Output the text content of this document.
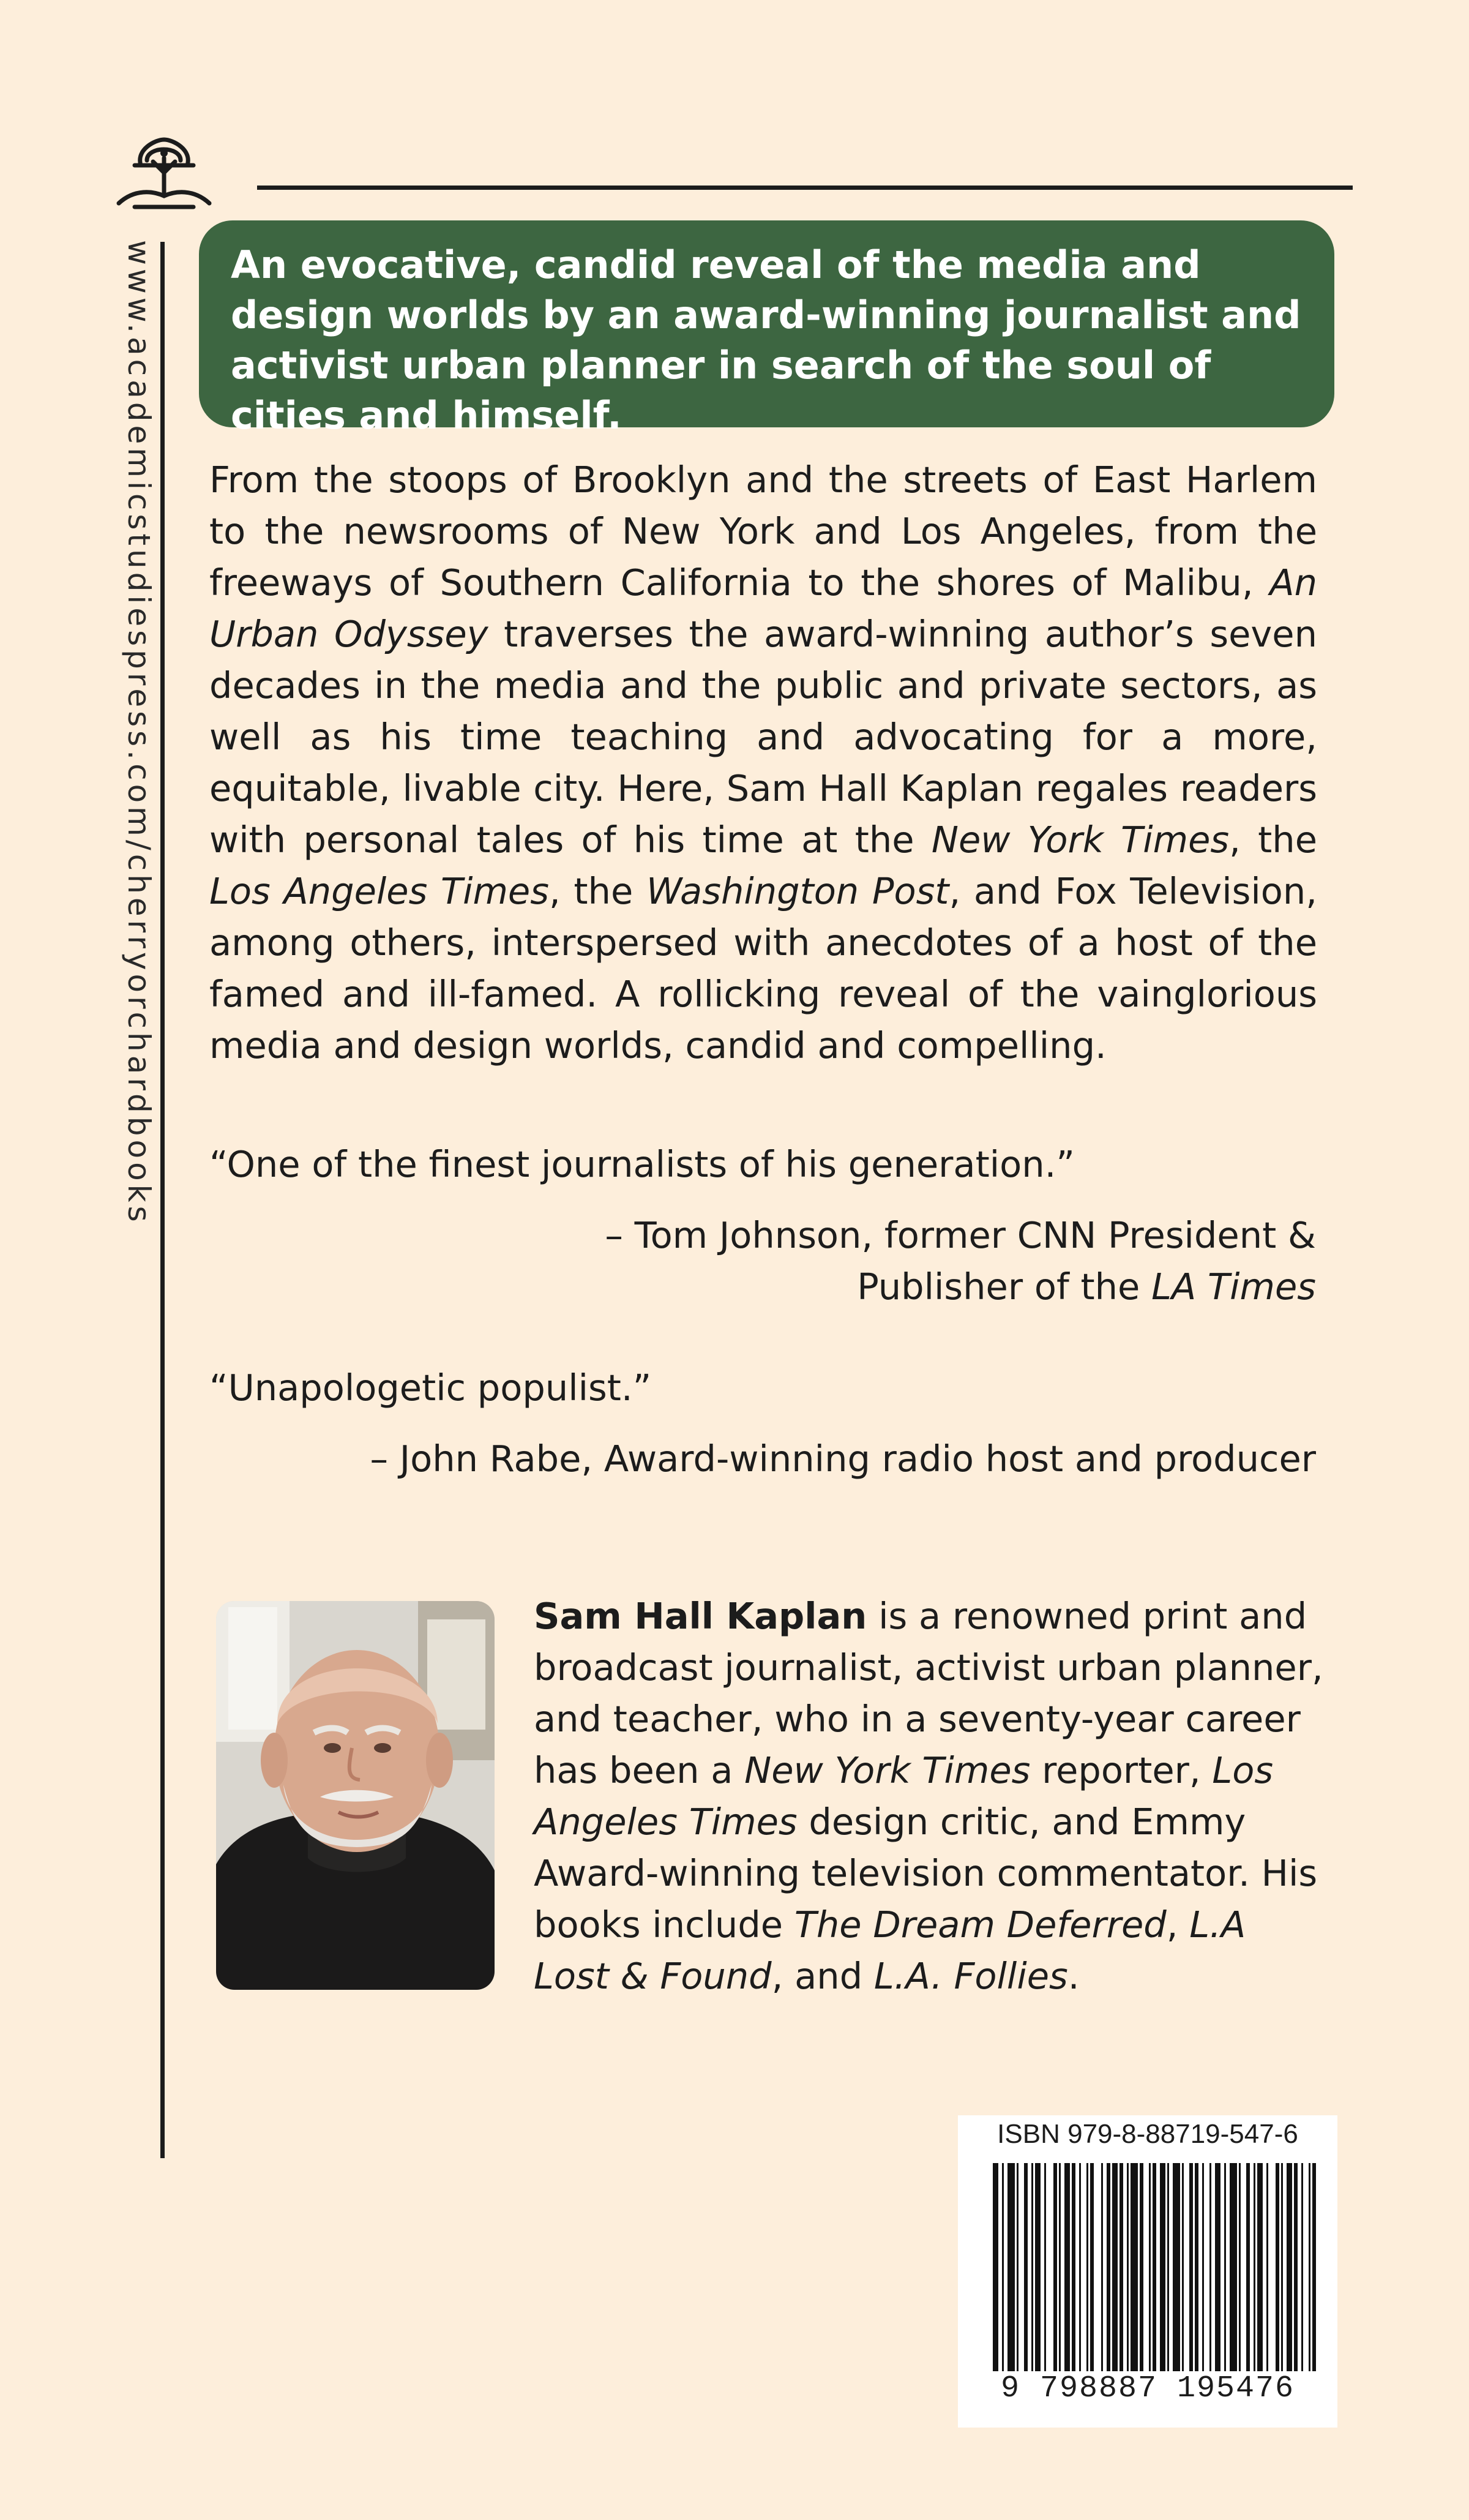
www.academicstudiespress.com/cherryorchardbooks	An evocative, candid reveal of the media and design worlds by an award-winning journalist and activist urban planner in search of the soul of cities and himself.

From the stoops of Brooklyn and the streets of East Harlem to the newsrooms of New York and Los Angeles, from the freeways of Southern California to the shores of Malibu, An Urban Odyssey traverses the award-winning author’s seven decades in the media and the public and private sectors, as well as his time teaching and advocating for a more, equitable, livable city. Here, Sam Hall Kaplan regales readers with personal tales of his time at the New York Times, the Los Angeles Times, the Washington Post, and Fox Television, among others, interspersed with anecdotes of a host of the famed and ill-famed. A rollicking reveal of the vainglorious media and design worlds, candid and compelling.

“One of the finest journalists of his generation.”

– Tom Johnson, former CNN President &
Publisher of the LA Times

“Unapologetic populist.”

– John Rabe, Award-winning radio host and producer

Sam Hall Kaplan is a renowned print and broadcast journalist, activist urban planner, and teacher, who in a seventy-year career has been a New York Times reporter, Los Angeles Times design critic, and Emmy Award-winning television commentator. His books include The Dream Deferred, L.A Lost & Found, and L.A. Follies.

ISBN 979-8-88719-547-6
9 798887 195476
